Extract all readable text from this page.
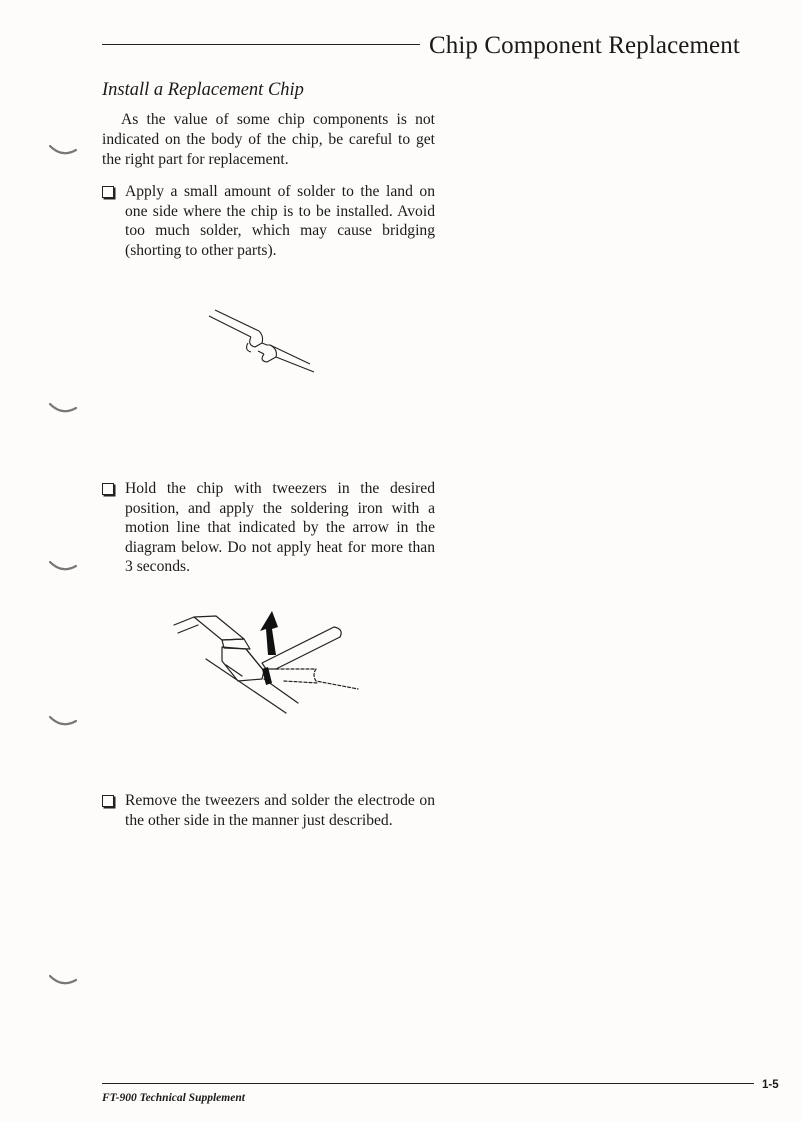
Chip Component Replacement
Install a Replacement Chip

As the value of some chip components is not indicated on the body of the chip, be careful to get the right part for replacement.

Apply a small amount of solder to the land on one side where the chip is to be installed. Avoid too much solder, which may cause bridging (shorting to other parts).

Hold the chip with tweezers in the desired position, and apply the soldering iron with a motion line that indicated by the arrow in the diagram below. Do not apply heat for more than 3 seconds.

Remove the tweezers and solder the electrode on the other side in the manner just described.

FT-900 Technical Supplement
1-5
